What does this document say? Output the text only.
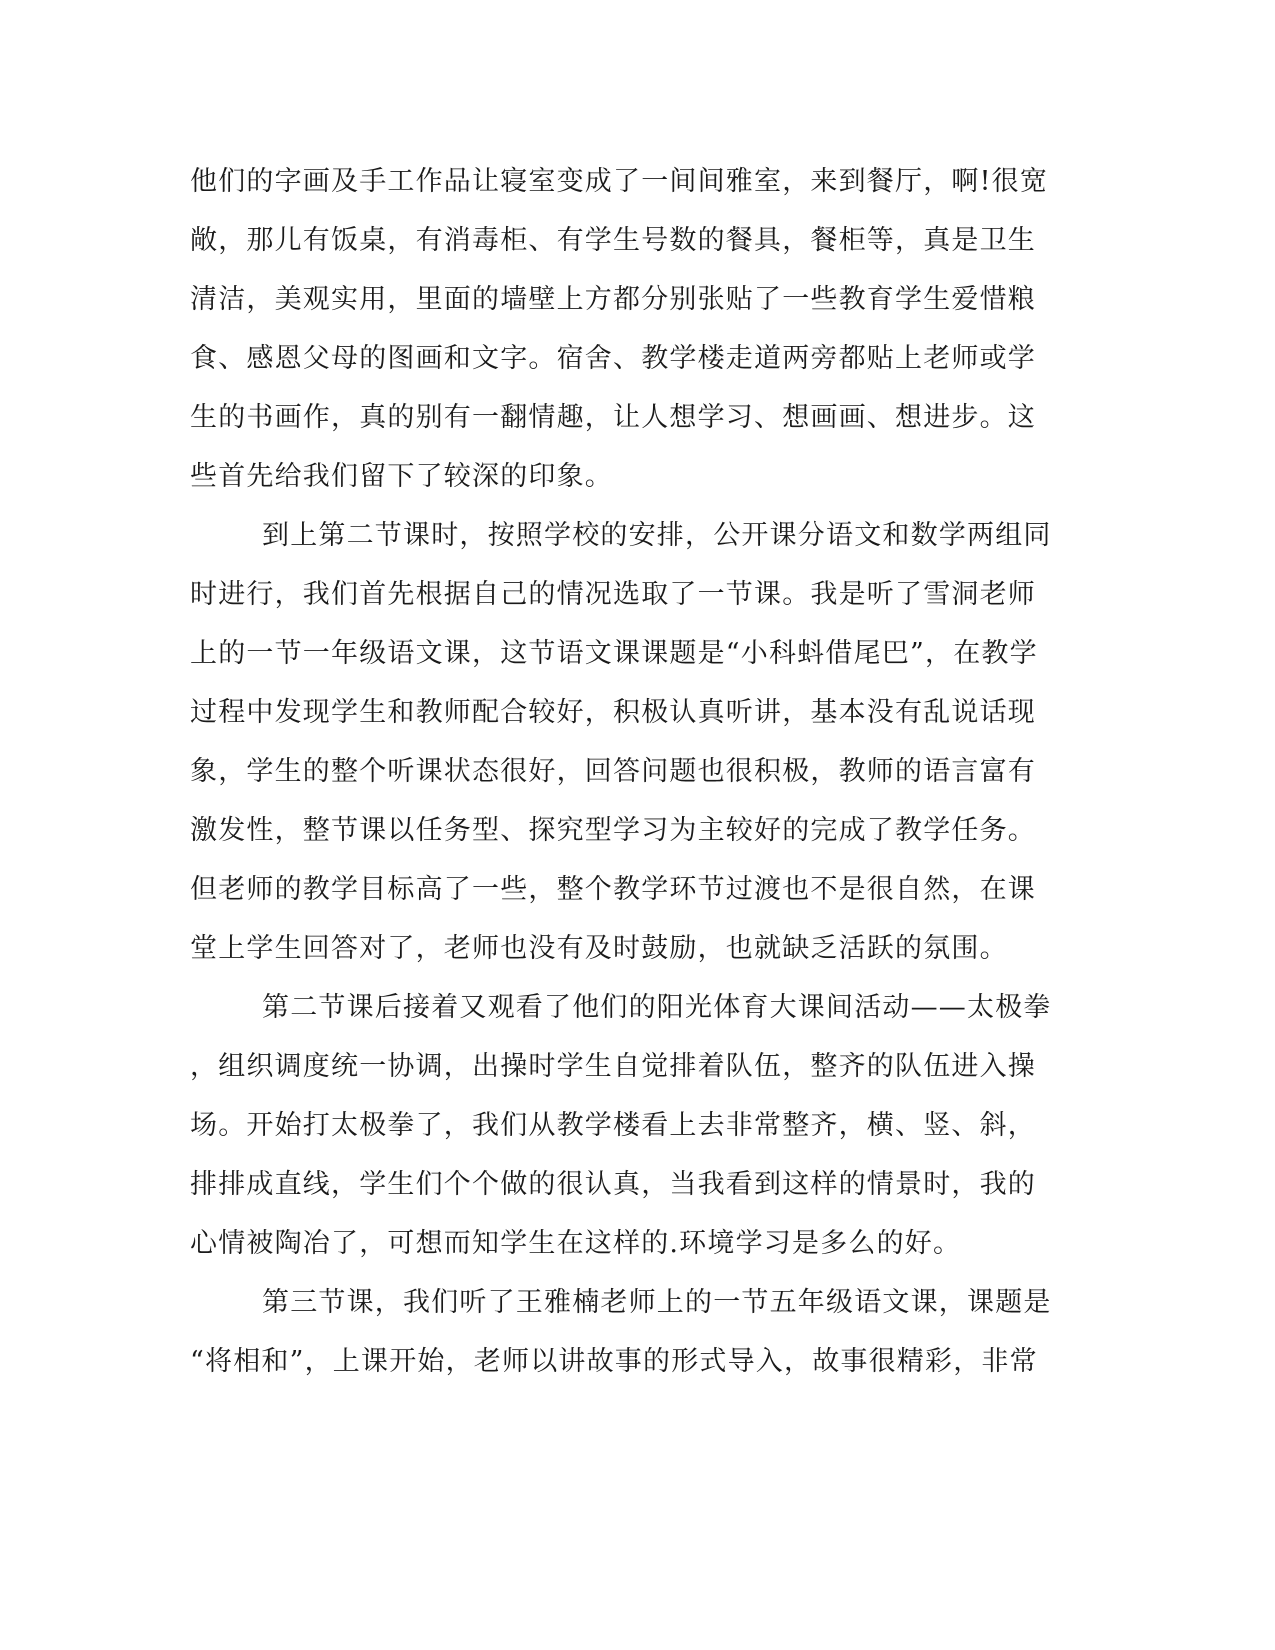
他们的字画及手工作品让寝室变成了一间间雅室，来到餐厅，啊!很宽
敞，那儿有饭桌，有消毒柜、有学生号数的餐具，餐柜等，真是卫生
清洁，美观实用，里面的墙壁上方都分别张贴了一些教育学生爱惜粮
食、感恩父母的图画和文字。宿舍、教学楼走道两旁都贴上老师或学
生的书画作，真的别有一翻情趣，让人想学习、想画画、想进步。这
些首先给我们留下了较深的印象。
到上第二节课时，按照学校的安排，公开课分语文和数学两组同
时进行，我们首先根据自己的情况选取了一节课。我是听了雪洞老师
上的一节一年级语文课，这节语文课课题是“小科蚪借尾巴”，在教学
过程中发现学生和教师配合较好，积极认真听讲，基本没有乱说话现
象，学生的整个听课状态很好，回答问题也很积极，教师的语言富有
激发性，整节课以任务型、探究型学习为主较好的完成了教学任务。
但老师的教学目标高了一些，整个教学环节过渡也不是很自然，在课
堂上学生回答对了，老师也没有及时鼓励，也就缺乏活跃的氛围。
第二节课后接着又观看了他们的阳光体育大课间活动——太极拳
，组织调度统一协调，出操时学生自觉排着队伍，整齐的队伍进入操
场。开始打太极拳了，我们从教学楼看上去非常整齐，横、竖、斜，
排排成直线，学生们个个做的很认真，当我看到这样的情景时，我的
心情被陶冶了，可想而知学生在这样的.环境学习是多么的好。
第三节课，我们听了王雅楠老师上的一节五年级语文课，课题是
“将相和”，上课开始，老师以讲故事的形式导入，故事很精彩，非常
